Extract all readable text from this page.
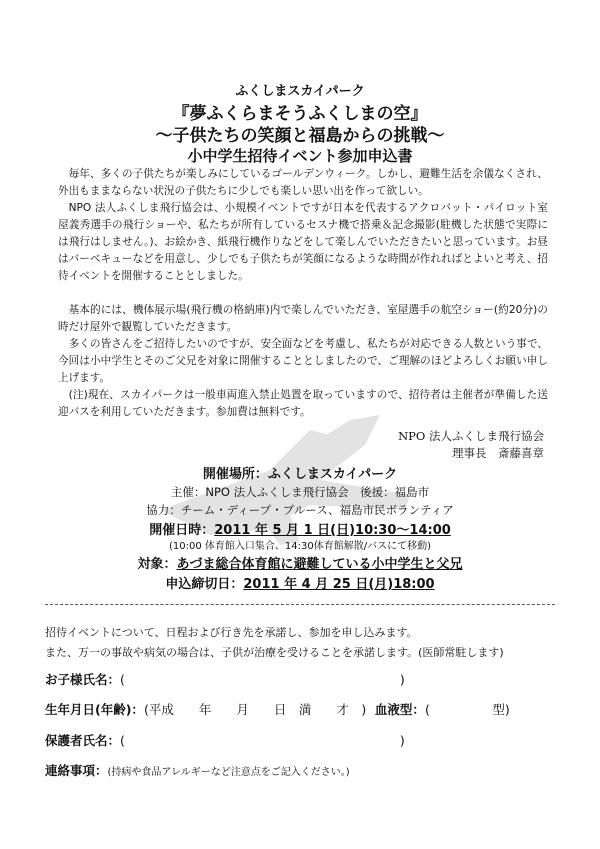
ふくしまスカイパーク
『夢ふくらまそうふくしまの空』
～子供たちの笑顔と福島からの挑戦～
小中学生招待イベント参加申込書

毎年、多くの子供たちが楽しみにしているゴールデンウィーク。しかし、避難生活を余儀なくされ、外出もままならない状況の子供たちに少しでも楽しい思い出を作って欲しい。

NPO 法人ふくしま飛行協会は、小規模イベントですが日本を代表するアクロバット・パイロット室屋義秀選手の飛行ショーや、私たちが所有しているセスナ機で搭乗＆記念撮影(駐機した状態で実際には飛行はしません。)、お絵かき、紙飛行機作りなどをして楽しんでいただきたいと思っています。お昼はバーベキューなどを用意し、少しでも子供たちが笑顔になるような時間が作れればとよいと考え、招待イベントを開催することとしました。

基本的には、機体展示場(飛行機の格納庫)内で楽しんでいただき、室屋選手の航空ショー(約20分)の時だけ屋外で観覧していただきます。

多くの皆さんをご招待したいのですが、安全面などを考慮し、私たちが対応できる人数という事で、今回は小中学生とそのご父兄を対象に開催することとしましたので、ご理解のほどよろしくお願い申し上げます。

(注)現在、スカイパークは一般車両進入禁止処置を取っていますので、招待者は主催者が準備した送迎バスを利用していただきます。参加費は無料です。

NPO 法人ふくしま飛行協会
理事長　斎藤喜章
開催場所：ふくしまスカイパーク
主催：NPO 法人ふくしま飛行協会　後援：福島市
協力：チーム・ディープ・ブルース、福島市民ボランティア
開催日時：2011 年 5 月 1 日(日)10:30～14:00
(10:00 体育館入口集合、14:30体育館解散/バスにて移動)
対象：あづま総合体育館に避難している小中学生と父兄
申込締切日：2011 年 4 月 25 日(月)18:00
招待イベントについて、日程および行き先を承諾し、参加を申し込みます。
また、万一の事故や病気の場合は、子供が治療を受けることを承諾します。(医師常駐します)
お子様氏名：(　　　　　　　　　　　　　　　　　　　　　　)
生年月日(年齢)：(平成　　年　　月　　日　満　　才　) 血液型：(　　　　　型)
保護者氏名：(　　　　　　　　　　　　　　　　　　　　　　)
連絡事項：(持病や食品アレルギーなど注意点をご記入ください。)
